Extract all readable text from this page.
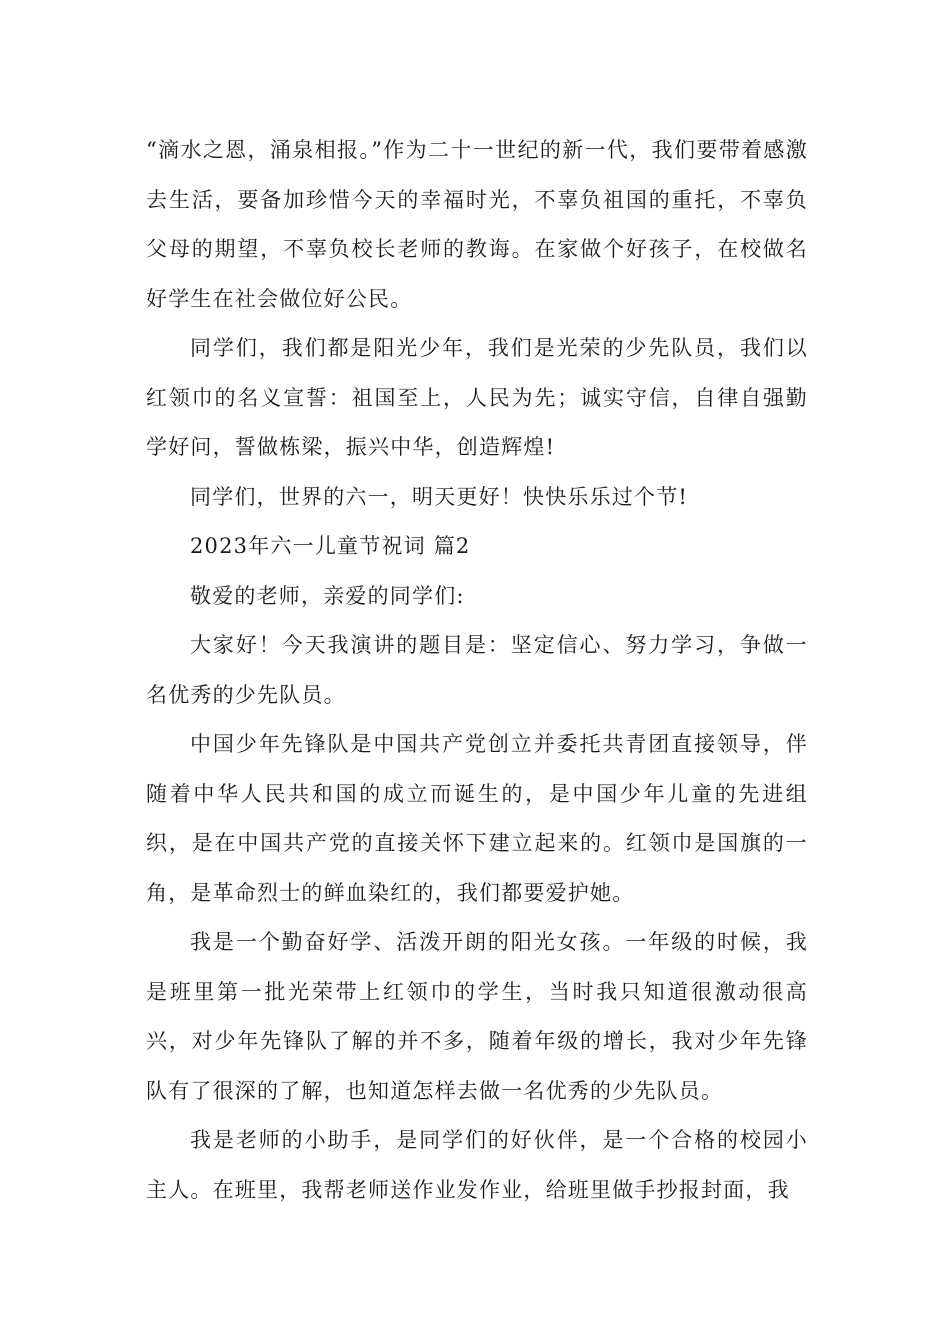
“滴水之恩，涌泉相报。”作为二十一世纪的新一代，我们要带着感激去生活，要备加珍惜今天的幸福时光，不辜负祖国的重托，不辜负父母的期望，不辜负校长老师的教诲。在家做个好孩子，在校做名好学生在社会做位好公民。

同学们，我们都是阳光少年，我们是光荣的少先队员，我们以红领巾的名义宣誓：祖国至上，人民为先；诚实守信，自律自强勤学好问，誓做栋梁，振兴中华，创造辉煌!

同学们，世界的六一，明天更好！快快乐乐过个节!

2023年六一儿童节祝词 篇2

敬爱的老师，亲爱的同学们:

大家好！今天我演讲的题目是：坚定信心、努力学习，争做一名优秀的少先队员。

中国少年先锋队是中国共产党创立并委托共青团直接领导，伴随着中华人民共和国的成立而诞生的，是中国少年儿童的先进组织，是在中国共产党的直接关怀下建立起来的。红领巾是国旗的一角，是革命烈士的鲜血染红的，我们都要爱护她。

我是一个勤奋好学、活泼开朗的阳光女孩。一年级的时候，我是班里第一批光荣带上红领巾的学生，当时我只知道很激动很高兴，对少年先锋队了解的并不多，随着年级的增长，我对少年先锋队有了很深的了解，也知道怎样去做一名优秀的少先队员。

我是老师的小助手，是同学们的好伙伴，是一个合格的校园小主人。在班里，我帮老师送作业发作业，给班里做手抄报封面，我
